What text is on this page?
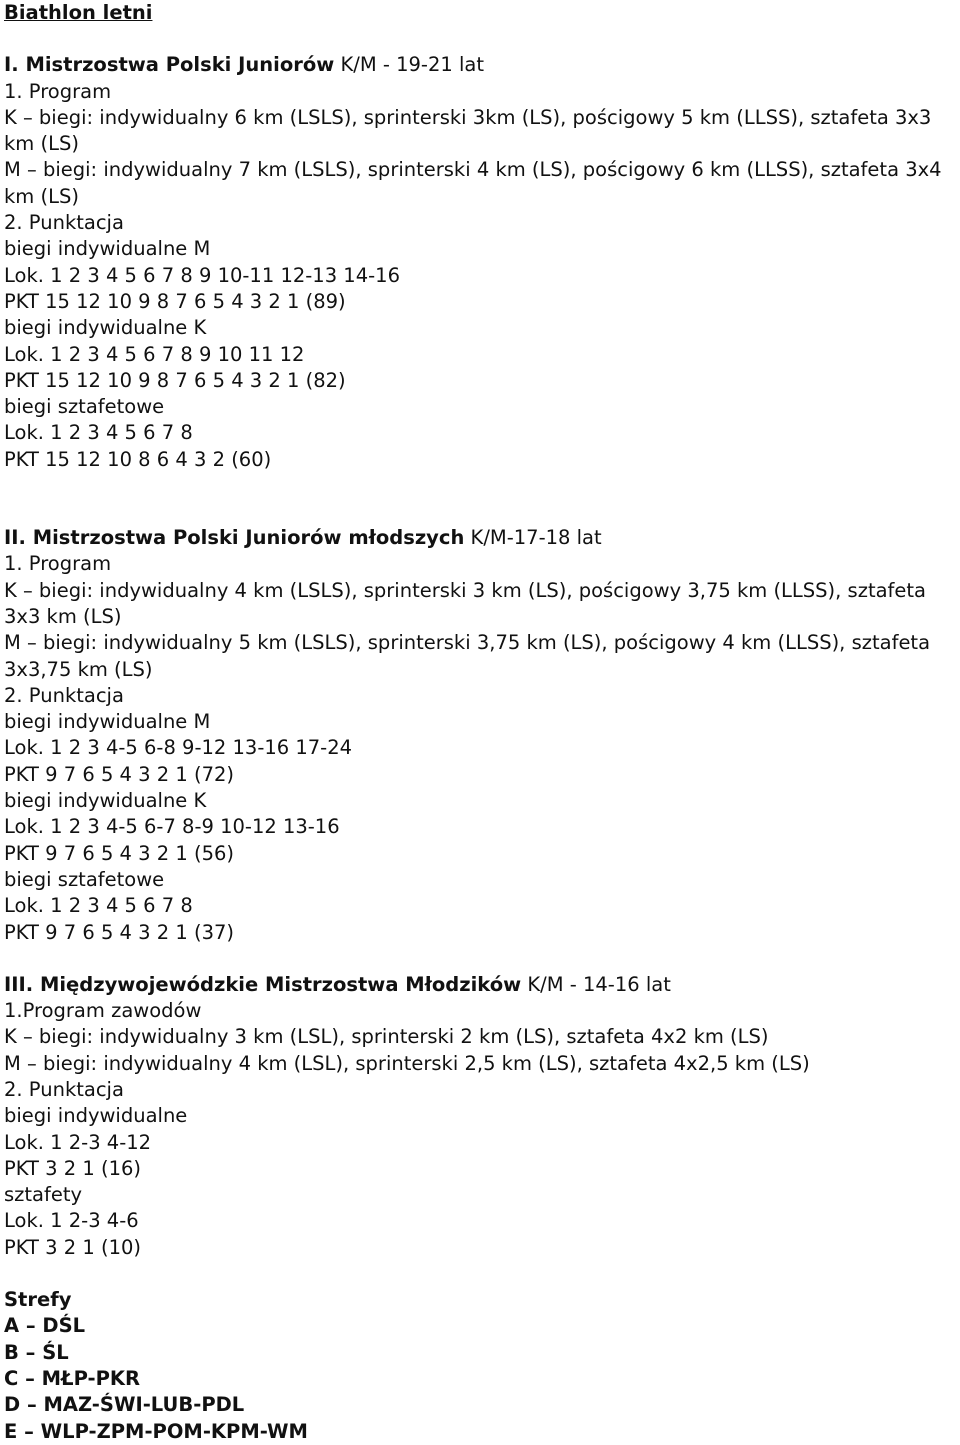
Biathlon letni
I. Mistrzostwa Polski Juniorów K/M - 19-21 lat
1. Program
K – biegi: indywidualny 6 km (LSLS), sprinterski 3km (LS), pościgowy 5 km (LLSS), sztafeta 3x3 km (LS)
M – biegi: indywidualny 7 km (LSLS), sprinterski 4 km (LS), pościgowy 6 km (LLSS), sztafeta 3x4 km (LS)
2. Punktacja
biegi indywidualne M
Lok. 1 2 3 4 5 6 7 8 9 10-11 12-13 14-16
PKT 15 12 10 9 8 7 6 5 4 3 2 1 (89)
biegi indywidualne K
Lok. 1 2 3 4 5 6 7 8 9 10 11 12
PKT 15 12 10 9 8 7 6 5 4 3 2 1 (82)
biegi sztafetowe
Lok. 1 2 3 4 5 6 7 8
PKT 15 12 10 8 6 4 3 2 (60)
II. Mistrzostwa Polski Juniorów młodszych K/M-17-18 lat
1. Program
K – biegi: indywidualny 4 km (LSLS), sprinterski 3 km (LS), pościgowy 3,75 km (LLSS), sztafeta 3x3 km (LS)
M – biegi: indywidualny 5 km (LSLS), sprinterski 3,75 km (LS), pościgowy 4 km (LLSS), sztafeta 3x3,75 km (LS)
2. Punktacja
biegi indywidualne M
Lok. 1 2 3 4-5 6-8 9-12 13-16 17-24
PKT 9 7 6 5 4 3 2 1 (72)
biegi indywidualne K
Lok. 1 2 3 4-5 6-7 8-9 10-12 13-16
PKT 9 7 6 5 4 3 2 1 (56)
biegi sztafetowe
Lok. 1 2 3 4 5 6 7 8
PKT 9 7 6 5 4 3 2 1 (37)
III. Międzywojewódzkie Mistrzostwa Młodzików K/M - 14-16 lat
1.Program zawodów
K – biegi: indywidualny 3 km (LSL), sprinterski 2 km (LS), sztafeta 4x2 km (LS)
M – biegi: indywidualny 4 km (LSL), sprinterski 2,5 km (LS), sztafeta 4x2,5 km (LS)
2. Punktacja
biegi indywidualne
Lok. 1 2-3 4-12
PKT 3 2 1 (16)
sztafety
Lok. 1 2-3 4-6
PKT 3 2 1 (10)
Strefy
A – DŚL
B – ŚL
C – MŁP-PKR
D – MAZ-ŚWI-LUB-PDL
E – WLP-ZPM-POM-KPM-WM
